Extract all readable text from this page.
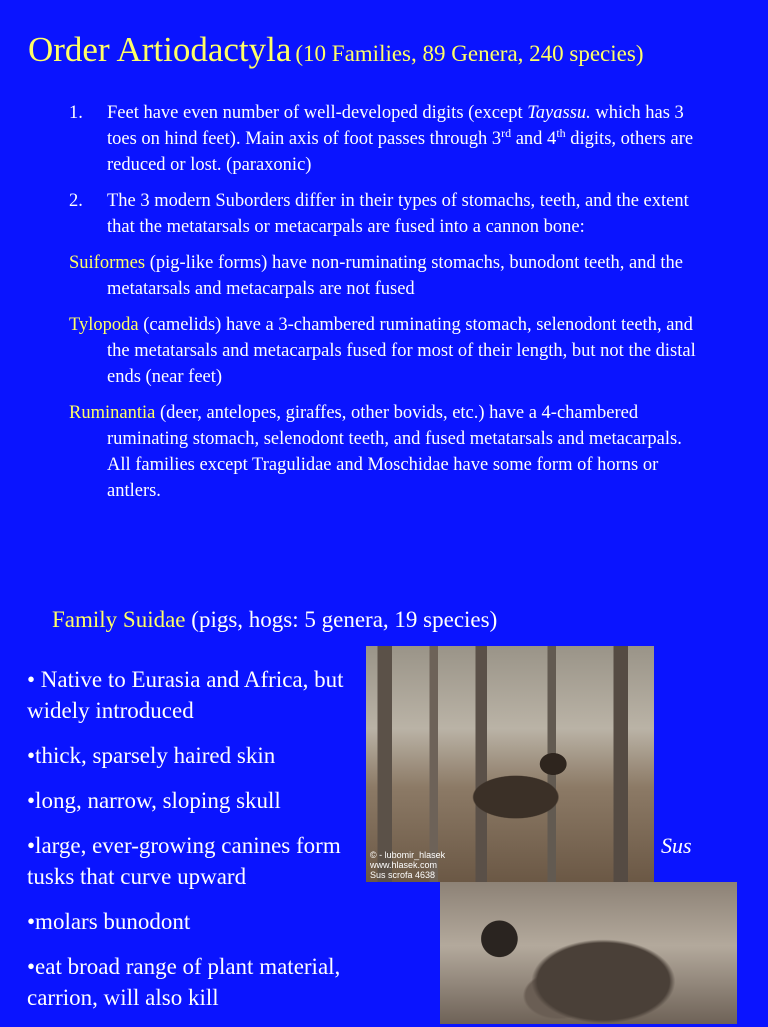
Order Artiodactyla (10 Families, 89 Genera, 240 species)
1.	Feet have even number of well-developed digits (except Tayassu. which has 3 toes on hind feet). Main axis of foot passes through 3rd and 4th digits, others are reduced or lost. (paraxonic)
2.	The 3 modern Suborders differ in their types of stomachs, teeth, and the extent that the metatarsals or metacarpals are fused into a cannon bone:
Suiformes (pig-like forms) have non-ruminating stomachs, bunodont teeth, and the metatarsals and metacarpals are not fused
Tylopoda (camelids) have a 3-chambered ruminating stomach, selenodont teeth, and the metatarsals and metacarpals fused for most of their length, but not the distal ends (near feet)
Ruminantia (deer, antelopes, giraffes, other bovids, etc.) have a 4-chambered ruminating stomach, selenodont teeth, and fused metatarsals and metacarpals. All families except Tragulidae and Moschidae have some form of horns or antlers.
Family Suidae (pigs, hogs: 5 genera, 19 species)
• Native to Eurasia and Africa, but widely introduced
•thick, sparsely haired skin
•long, narrow, sloping skull
•large, ever-growing canines form tusks that curve upward
•molars bunodont
•eat broad range of plant material, carrion, will also kill
© - lubomir_hlasek
www.hlasek.com
Sus scrofa 4638
Sus
